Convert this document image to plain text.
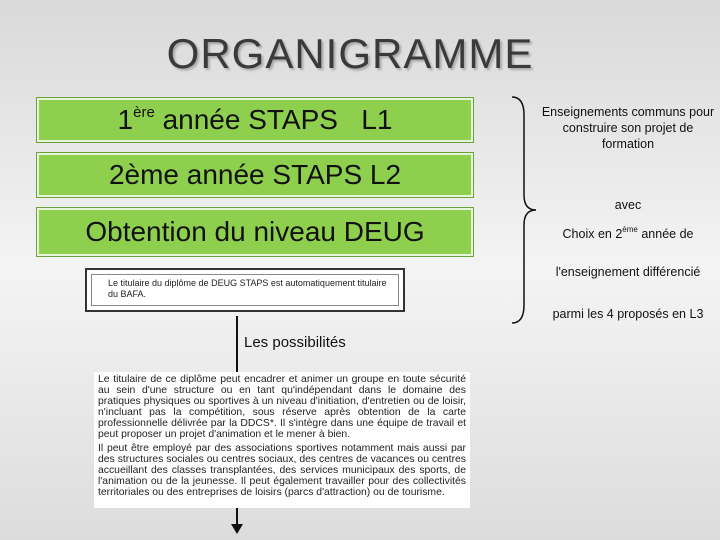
ORGANIGRAMME
1ère année STAPS   L1
2ème année STAPS L2
Obtention du niveau DEUG
Le titulaire du diplôme de DEUG STAPS est automatiquement titulaire du BAFA.
Les possibilités

Le titulaire de ce diplôme peut encadrer et animer un groupe en toute sécurité au sein d'une structure ou en tant qu'indépendant dans le domaine des pratiques physiques ou sportives à un niveau d'initiation, d'entretien ou de loisir, n'incluant pas la compétition, sous réserve après obtention de la carte professionnelle délivrée par la DDCS*. Il s'intègre dans une équipe de travail et peut proposer un projet d'animation et le mener à bien.

Il peut être employé par des associations sportives notamment mais aussi par des structures sociales ou centres sociaux, des centres de vacances ou centres accueillant des classes transplantées, des services municipaux des sports, de l'animation ou de la jeunesse. Il peut également travailler pour des collectivités territoriales ou des entreprises de loisirs (parcs d'attraction) ou de tourisme.

Enseignements communs pour construire son projet de formation
avec
Choix en 2ème année de
l'enseignement différencié
parmi les 4 proposés en L3
